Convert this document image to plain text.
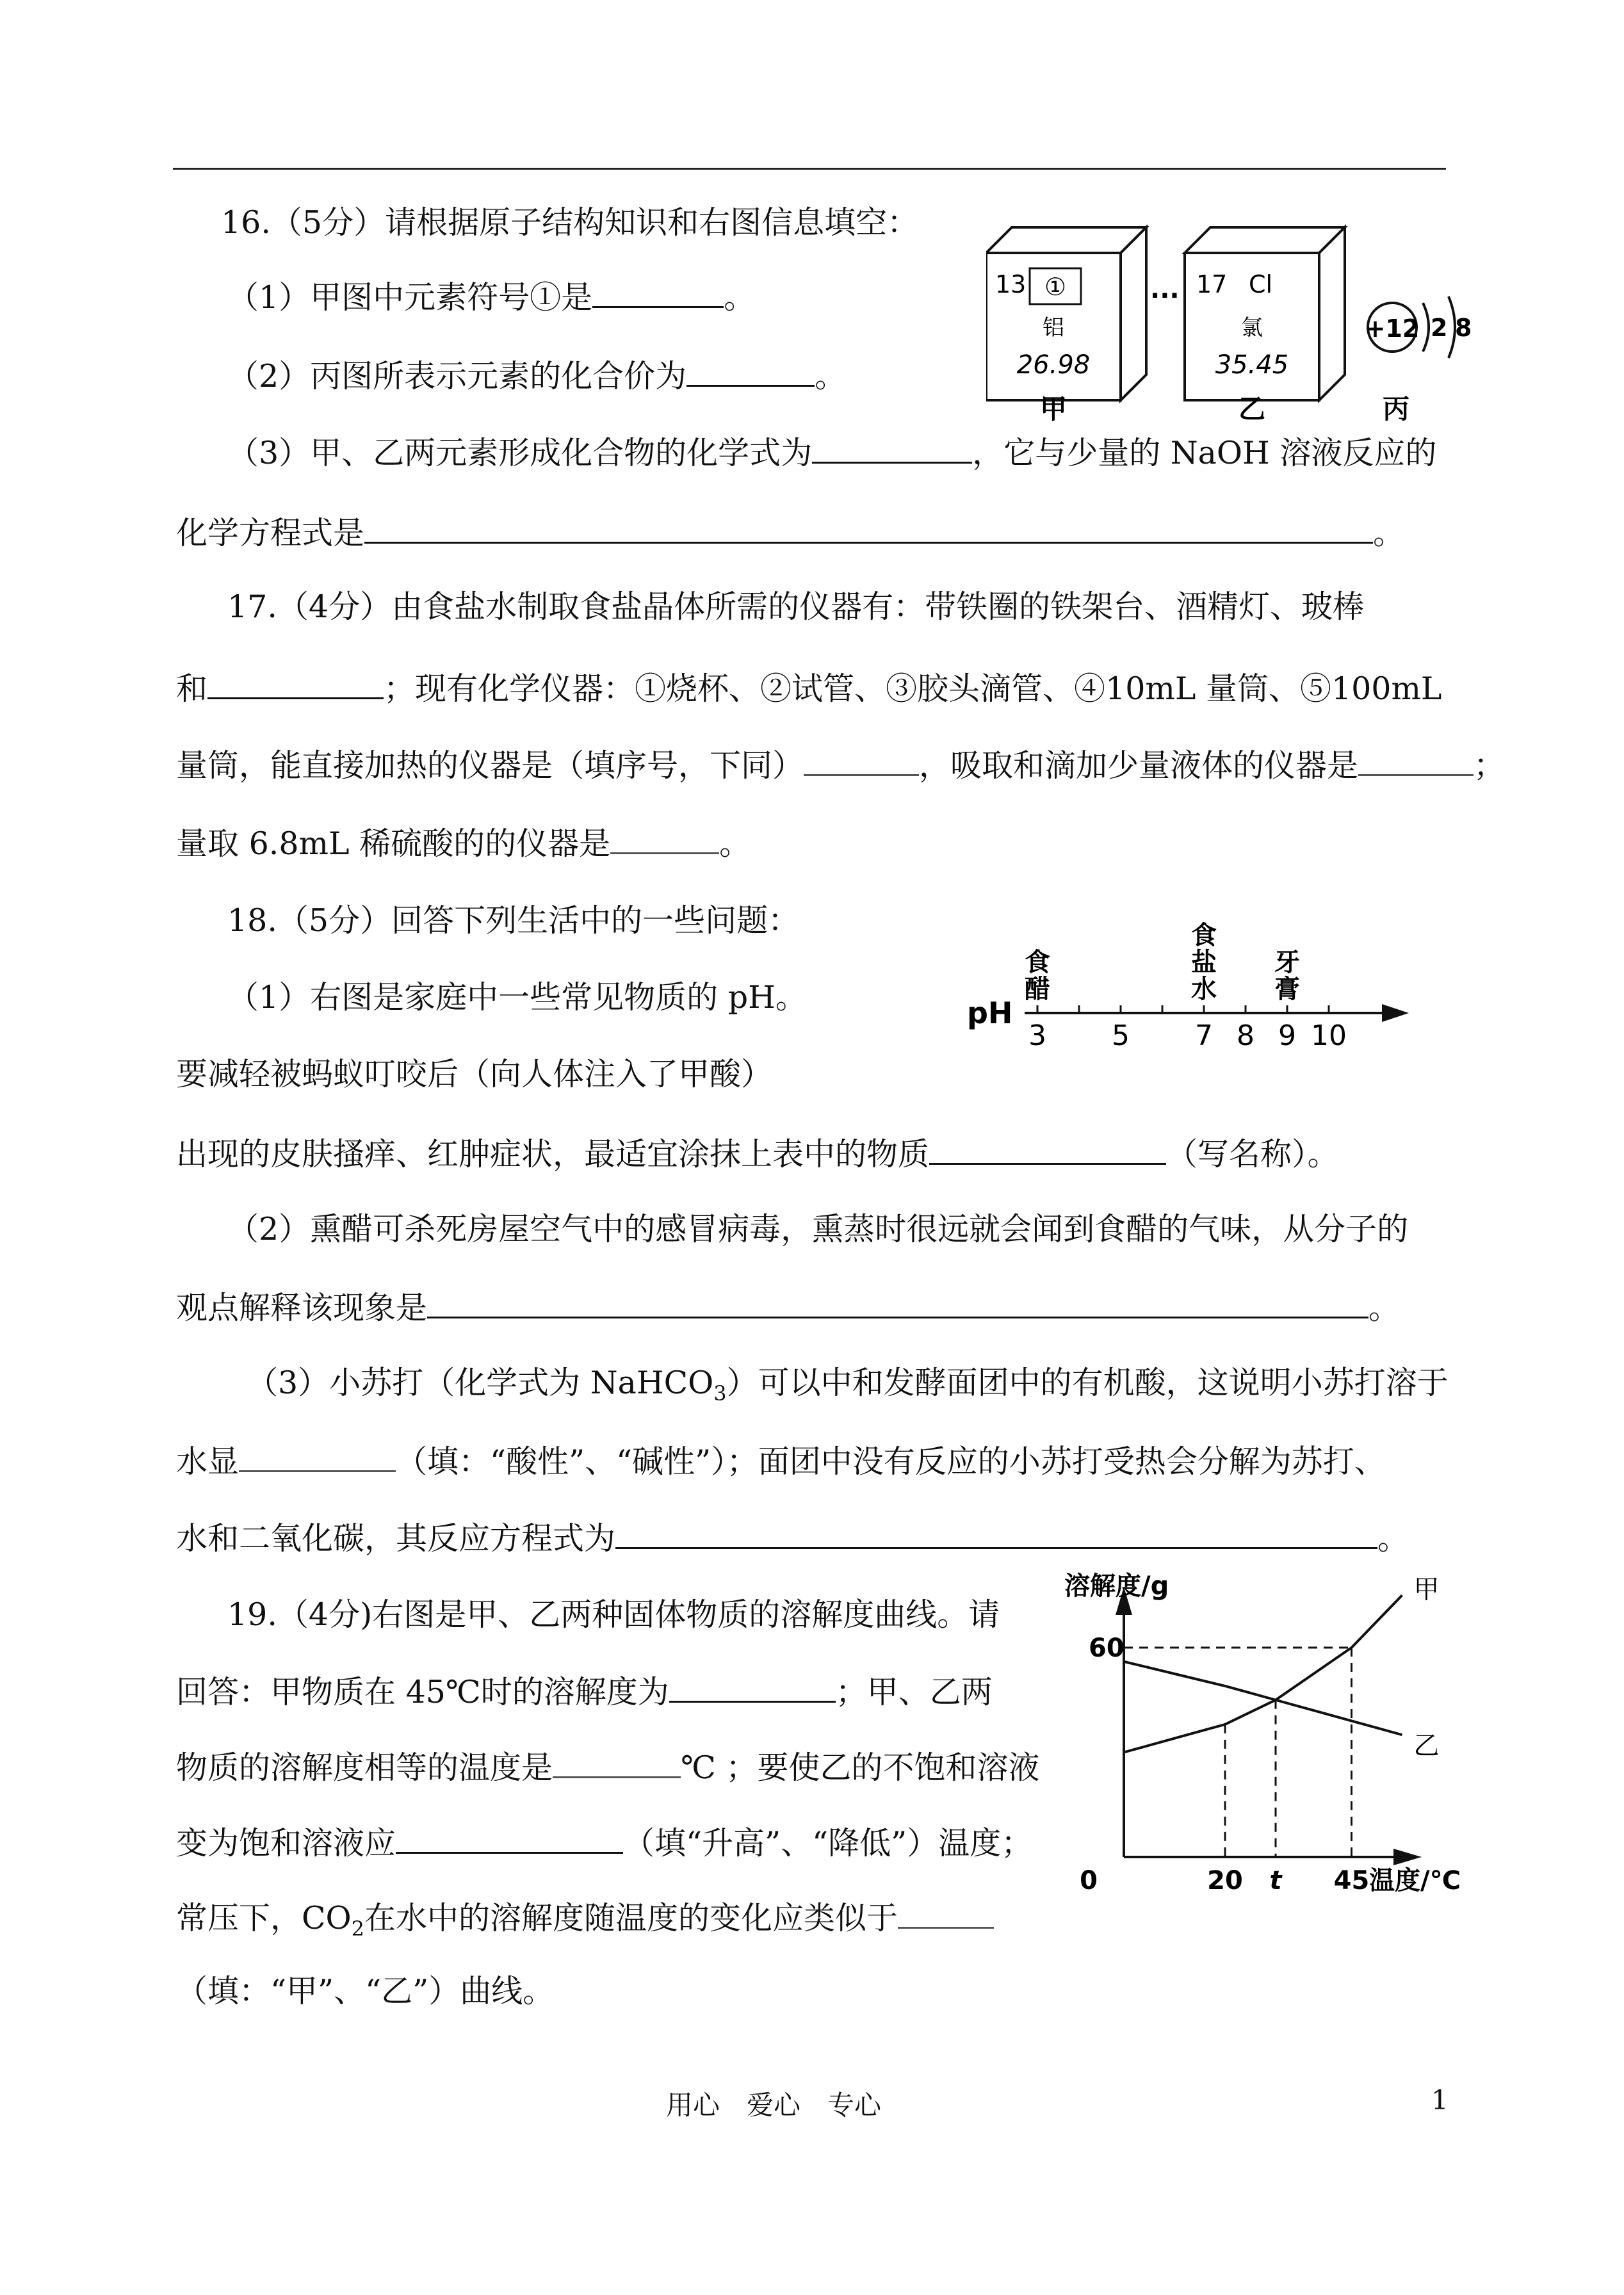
16.（5分）请根据原子结构知识和右图信息填空：
（1）甲图中元素符号①是	。
（2）丙图所表示元素的化合价为	。
（3）甲、乙两元素形成化合物的化学式为	，它与少量的 NaOH 溶液反应的
化学方程式是	。
13 ①
铝
26.98
甲
··· 17 Cl
氯
35.45
乙
+12 2 8
丙
17.（4分）由食盐水制取食盐晶体所需的仪器有：带铁圈的铁架台、酒精灯、玻棒
和	；现有化学仪器：①烧杯、②试管、③胶头滴管、④10mL 量筒、⑤100mL
量筒，能直接加热的仪器是（填序号，下同）	，吸取和滴加少量液体的仪器是	；
量取 6.8mL 稀硫酸的的仪器是	。
18.（5分）回答下列生活中的一些问题：
（1）右图是家庭中一些常见物质的 pH。
要减轻被蚂蚁叮咬后（向人体注入了甲酸）
出现的皮肤搔痒、红肿症状，最适宜涂抹上表中的物质	（写名称）。
pH
3 5 7 8 9 10
食
醋
食
盐
水
牙
膏
（2）熏醋可杀死房屋空气中的感冒病毒，熏蒸时很远就会闻到食醋的气味，从分子的
观点解释该现象是	。
（3）小苏打（化学式为 NaHCO$_3$）可以中和发酵面团中的有机酸，这说明小苏打溶于
水显	（填：“酸性”、“碱性”）；面团中没有反应的小苏打受热会分解为苏打、
水和二氧化碳，其反应方程式为	。
19.（4分)右图是甲、乙两种固体物质的溶解度曲线。请
回答：甲物质在 45℃时的溶解度为	；甲、乙两
物质的溶解度相等的温度是	℃ ；要使乙的不饱和溶液
变为饱和溶液应	（填“升高”、“降低”）温度；
常压下，$CO_2$在水中的溶解度随温度的变化应类似于
（填：“甲”、“乙”）曲线。
溶解度/g
温度/℃
甲
乙
0	20 t 45
60
用心　爱心　专心	1
